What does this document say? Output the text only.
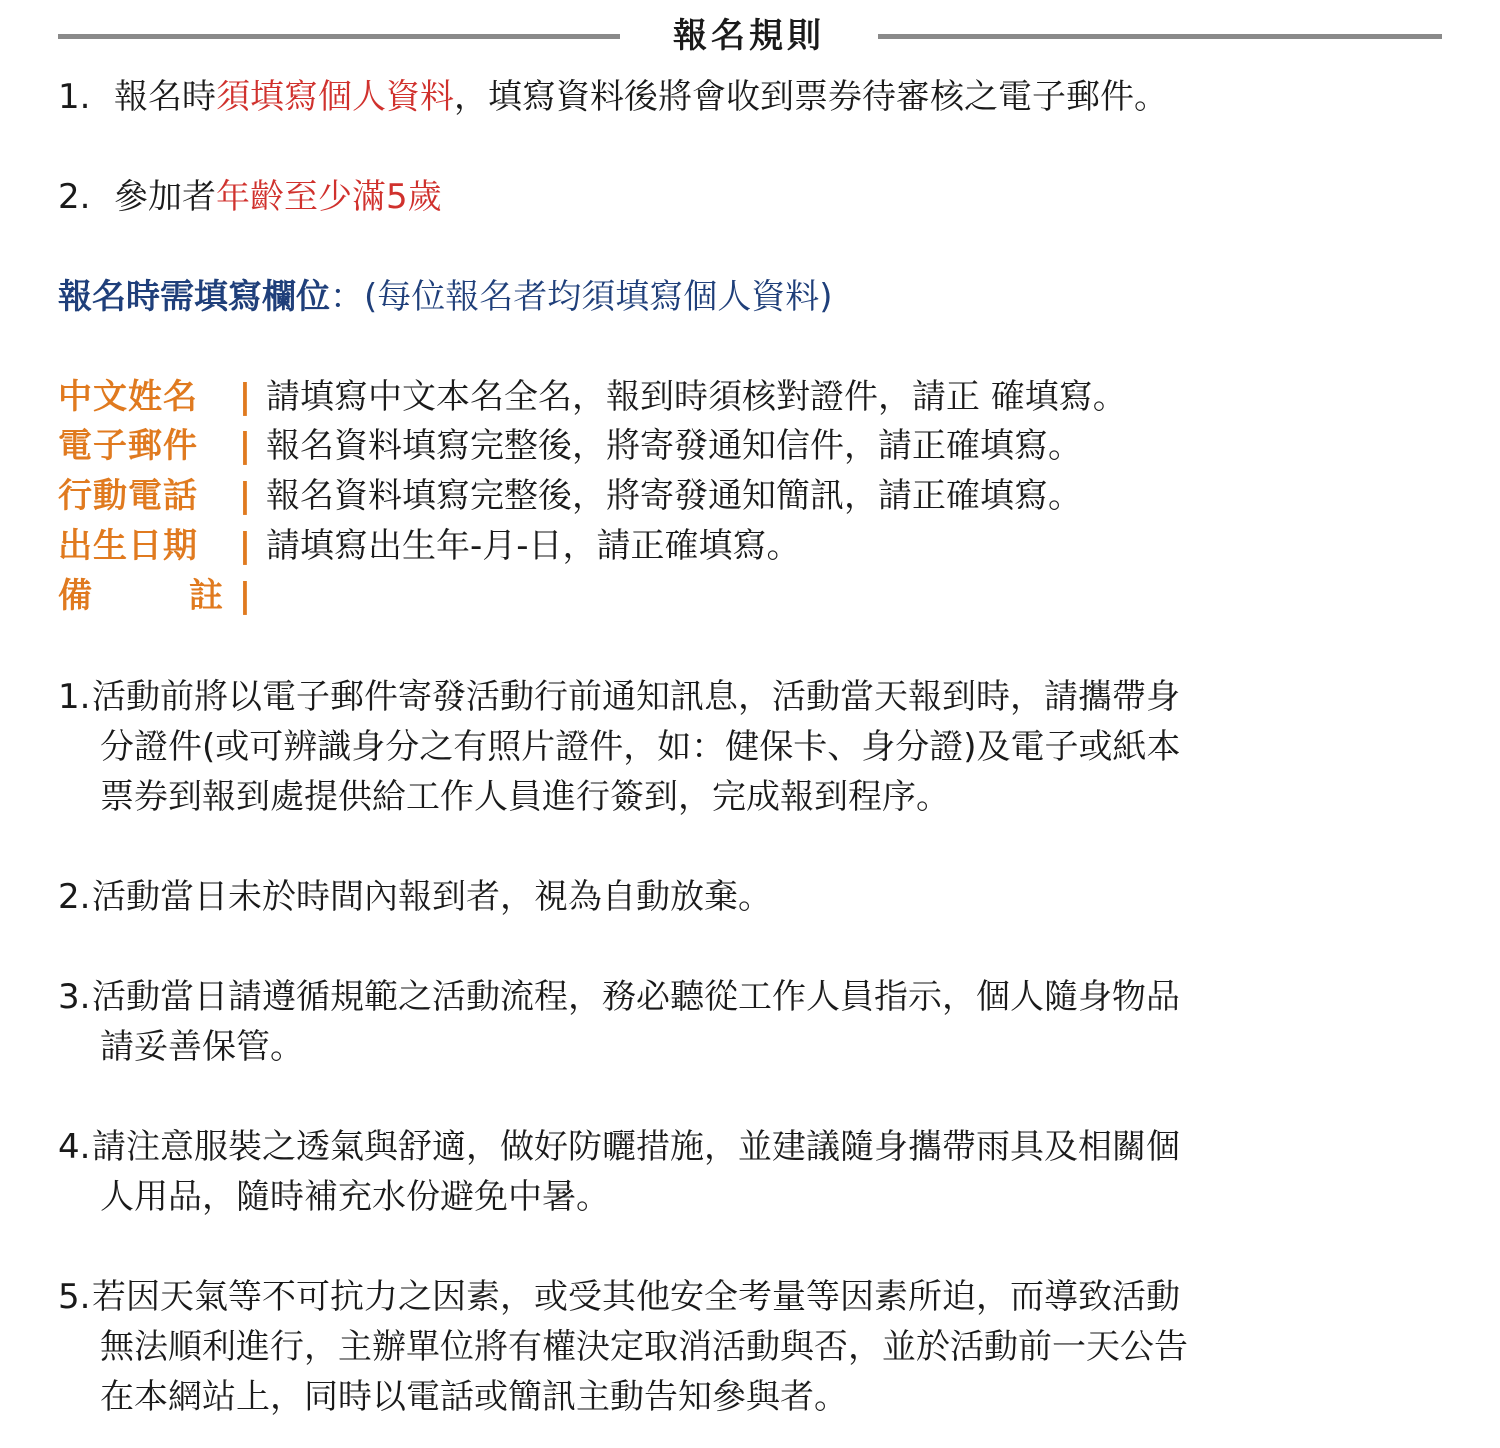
報名規則
1. 報名時須填寫個人資料，填寫資料後將會收到票券待審核之電子郵件。
2. 參加者年齡至少滿5歲
報名時需填寫欄位：(每位報名者均須填寫個人資料)
中文姓名 | 請填寫中文本名全名，報到時須核對證件，請正 確填寫。
電子郵件 | 報名資料填寫完整後，將寄發通知信件，請正確填寫。
行動電話 | 報名資料填寫完整後，將寄發通知簡訊，請正確填寫。
出生日期 | 請填寫出生年-月-日，請正確填寫。
備註 |
1. 活動前將以電子郵件寄發活動行前通知訊息，活動當天報到時，請攜帶身
分證件(或可辨識身分之有照片證件，如：健保卡、身分證)及電子或紙本
票券到報到處提供給工作人員進行簽到，完成報到程序。
2. 活動當日未於時間內報到者，視為自動放棄。
3. 活動當日請遵循規範之活動流程，務必聽從工作人員指示，個人隨身物品
請妥善保管。
4. 請注意服裝之透氣與舒適，做好防曬措施，並建議隨身攜帶雨具及相關個
人用品，隨時補充水份避免中暑。
5. 若因天氣等不可抗力之因素，或受其他安全考量等因素所迫，而導致活動
無法順利進行，主辦單位將有權決定取消活動與否，並於活動前一天公告
在本網站上，同時以電話或簡訊主動告知參與者。
